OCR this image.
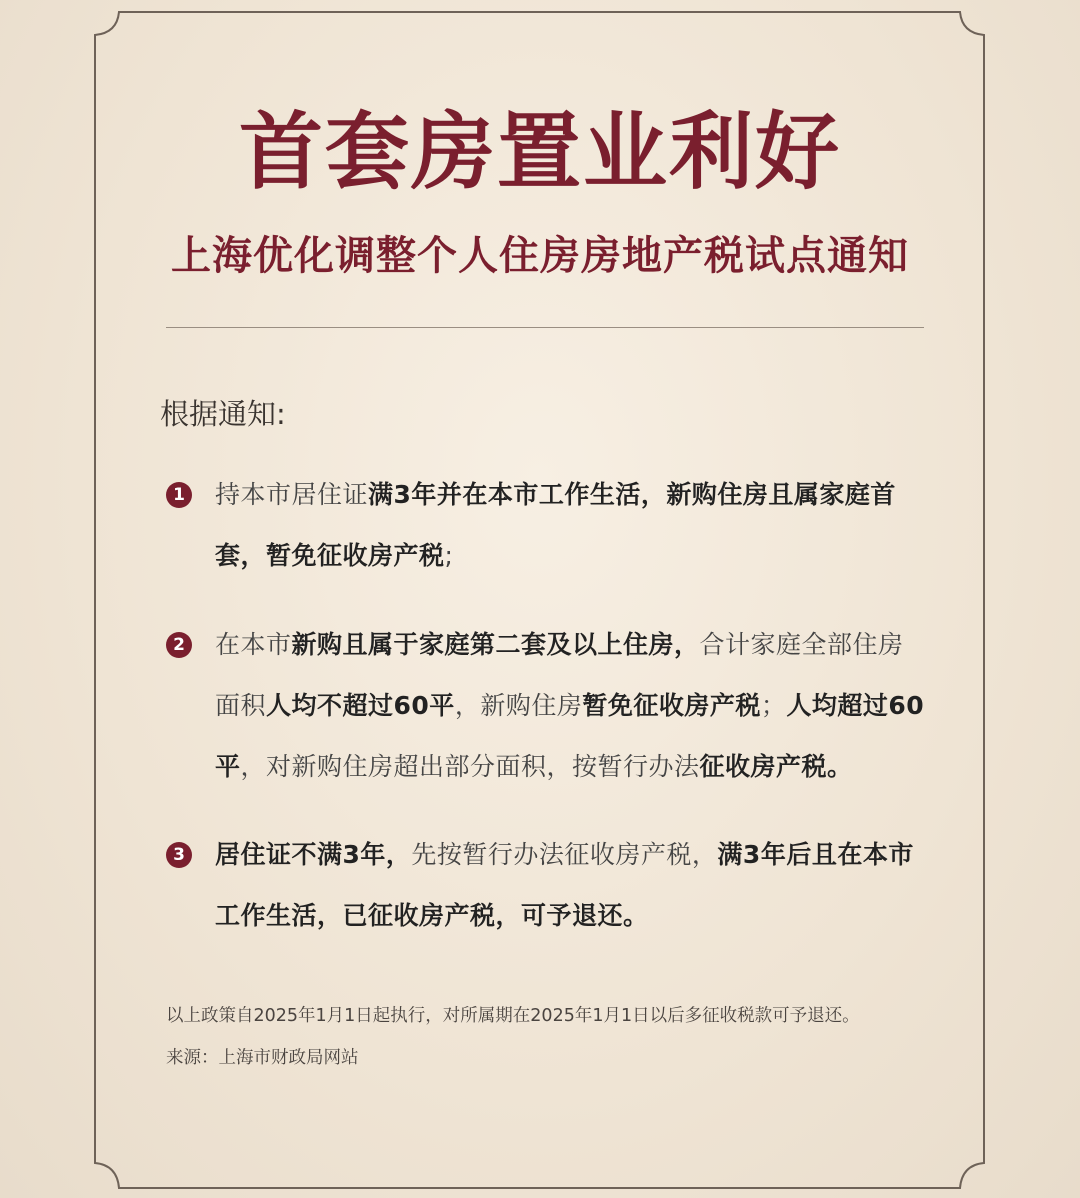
首套房置业利好
上海优化调整个人住房房地产税试点通知
根据通知:
1 持本市居住证满3年并在本市工作生活，新购住房且属家庭首套，暂免征收房产税;
2 在本市新购且属于家庭第二套及以上住房，合计家庭全部住房面积人均不超过60平，新购住房暂免征收房产税；人均超过60平，对新购住房超出部分面积，按暂行办法征收房产税。
3 居住证不满3年，先按暂行办法征收房产税，满3年后且在本市工作生活，已征收房产税，可予退还。
以上政策自2025年1月1日起执行，对所属期在2025年1月1日以后多征收税款可予退还。
来源：上海市财政局网站
